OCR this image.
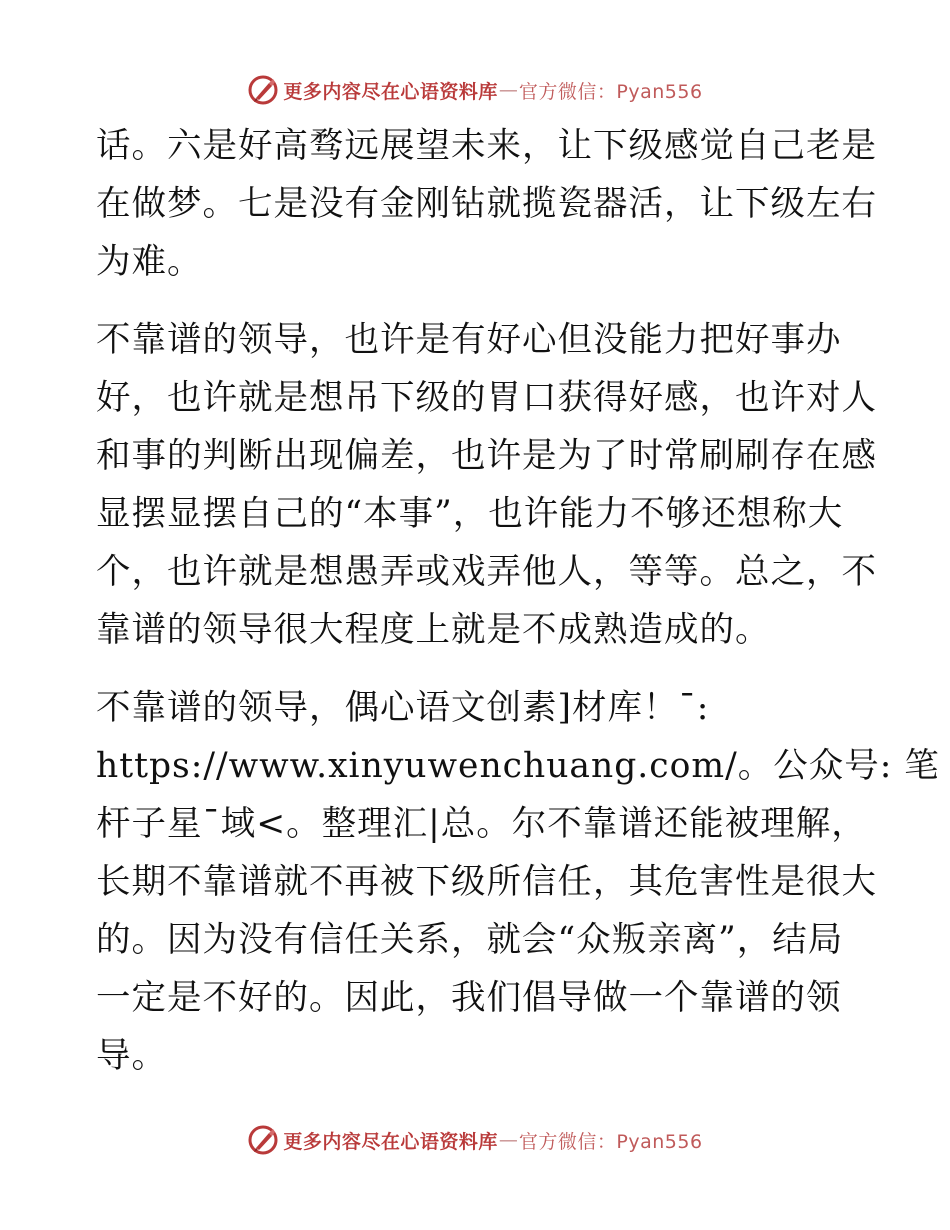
更多内容尽在心语资料库 — 官方微信：Pyan556

话。六是好高骛远展望未来，让下级感觉自己老是
在做梦。七是没有金刚钻就揽瓷器活，让下级左右
为难。

不靠谱的领导，也许是有好心但没能力把好事办
好，也许就是想吊下级的胃口获得好感，也许对人
和事的判断出现偏差，也许是为了时常刷刷存在感
显摆显摆自己的“本事”，也许能力不够还想称大
个，也许就是想愚弄或戏弄他人，等等。总之，不
靠谱的领导很大程度上就是不成熟造成的。

不靠谱的领导，偶心语文创素]材库！¯:
https://www.xinyuwenchuang.com/。公众号: 笔
杆子星¯域<。整理汇|总。尔不靠谱还能被理解，
长期不靠谱就不再被下级所信任，其危害性是很大
的。因为没有信任关系，就会“众叛亲离”，结局
一定是不好的。因此，我们倡导做一个靠谱的领
导。

更多内容尽在心语资料库 — 官方微信：Pyan556
